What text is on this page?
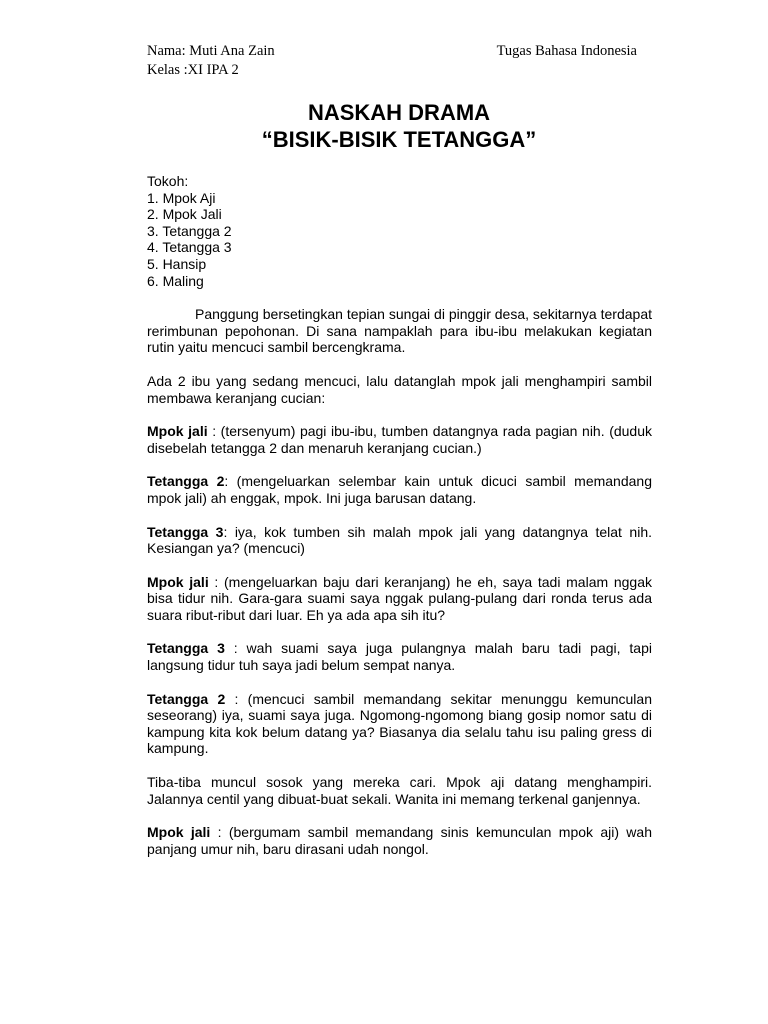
Nama: Muti Ana Zain	Tugas Bahasa Indonesia
Kelas :XI IPA 2
NASKAH DRAMA
“BISIK-BISIK TETANGGA”
Tokoh:
1. Mpok Aji
2. Mpok Jali
3. Tetangga 2
4. Tetangga 3
5. Hansip
6. Maling

Panggung bersetingkan tepian sungai di pinggir desa, sekitarnya terdapat rerimbunan pepohonan. Di sana nampaklah para ibu-ibu melakukan kegiatan rutin yaitu mencuci sambil bercengkrama.

Ada 2 ibu yang sedang mencuci, lalu datanglah mpok jali menghampiri sambil membawa keranjang cucian:

Mpok jali : (tersenyum) pagi ibu-ibu, tumben datangnya rada pagian nih. (duduk disebelah tetangga 2 dan menaruh keranjang cucian.)

Tetangga 2: (mengeluarkan selembar kain untuk dicuci sambil memandang mpok jali) ah enggak, mpok. Ini juga barusan datang.

Tetangga 3: iya, kok tumben sih malah mpok jali yang datangnya telat nih. Kesiangan ya? (mencuci)

Mpok jali : (mengeluarkan baju dari keranjang) he eh, saya tadi malam nggak bisa tidur nih. Gara-gara suami saya nggak pulang-pulang dari ronda terus ada suara ribut-ribut dari luar. Eh ya ada apa sih itu?

Tetangga 3 : wah suami saya juga pulangnya malah baru tadi pagi, tapi langsung tidur tuh saya jadi belum sempat nanya.

Tetangga 2 : (mencuci sambil memandang sekitar menunggu kemunculan seseorang) iya, suami saya juga. Ngomong-ngomong biang gosip nomor satu di kampung kita kok belum datang ya? Biasanya dia selalu tahu isu paling gress di kampung.

Tiba-tiba muncul sosok yang mereka cari. Mpok aji datang menghampiri. Jalannya centil yang dibuat-buat sekali. Wanita ini memang terkenal ganjennya.

Mpok jali : (bergumam sambil memandang sinis kemunculan mpok aji) wah panjang umur nih, baru dirasani udah nongol.
